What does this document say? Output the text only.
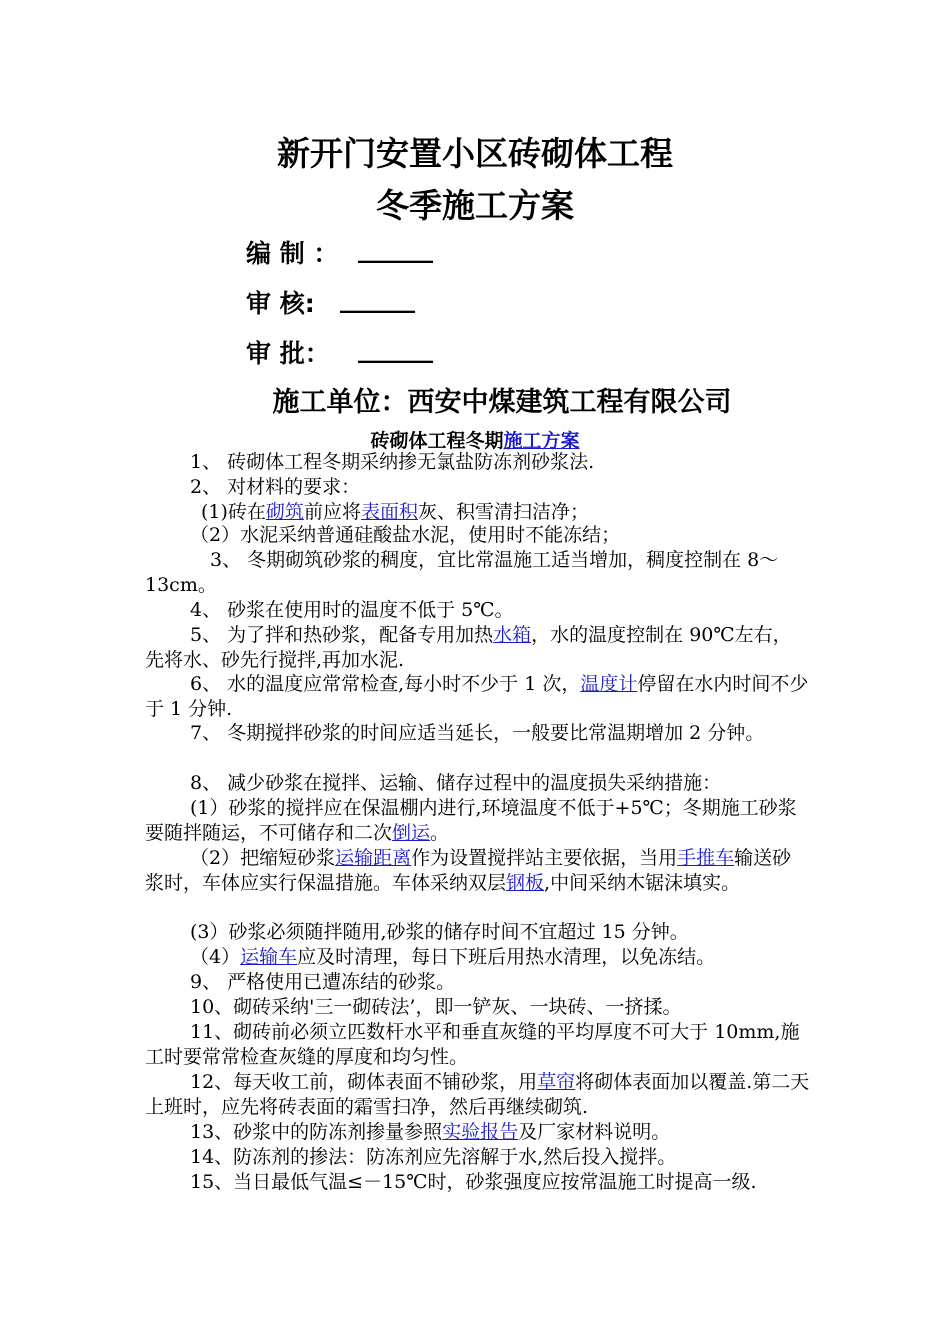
新开门安置小区砖砌体工程
冬季施工方案
编 制 ： ______
审 核: ______
审 批： ______
施工单位：西安中煤建筑工程有限公司
砖砌体工程冬期施工方案
1、 砖砌体工程冬期采纳掺无氯盐防冻剂砂浆法.
2、 对材料的要求：
(1)砖在砌筑前应将表面积灰、积雪清扫洁净；
（2）水泥采纳普通硅酸盐水泥，使用时不能冻结；
3、 冬期砌筑砂浆的稠度，宜比常温施工适当增加，稠度控制在 8～13cm。
4、 砂浆在使用时的温度不低于 5℃。
5、 为了拌和热砂浆，配备专用加热水箱，水的温度控制在 90℃左右，先将水、砂先行搅拌,再加水泥.
6、 水的温度应常常检查,每小时不少于 1 次，温度计停留在水内时间不少于 1 分钟.
7、 冬期搅拌砂浆的时间应适当延长，一般要比常温期增加 2 分钟。
8、 减少砂浆在搅拌、运输、储存过程中的温度损失采纳措施：
(1）砂浆的搅拌应在保温棚内进行,环境温度不低于+5℃；冬期施工砂浆要随拌随运，不可储存和二次倒运。
（2）把缩短砂浆运输距离作为设置搅拌站主要依据，当用手推车输送砂浆时，车体应实行保温措施。车体采纳双层钢板,中间采纳木锯沫填实。
(3）砂浆必须随拌随用,砂浆的储存时间不宜超过 15 分钟。
（4）运输车应及时清理，每日下班后用热水清理，以免冻结。
9、 严格使用已遭冻结的砂浆。
10、砌砖采纳'三一砌砖法’，即一铲灰、一块砖、一挤揉。
11、砌砖前必须立匹数杆水平和垂直灰缝的平均厚度不可大于 10mm,施工时要常常检查灰缝的厚度和均匀性。
12、每天收工前，砌体表面不铺砂浆，用草帘将砌体表面加以覆盖.第二天上班时，应先将砖表面的霜雪扫净，然后再继续砌筑.
13、砂浆中的防冻剂掺量参照实验报告及厂家材料说明。
14、防冻剂的掺法：防冻剂应先溶解于水,然后投入搅拌。
15、当日最低气温≤－15℃时，砂浆强度应按常温施工时提高一级.
